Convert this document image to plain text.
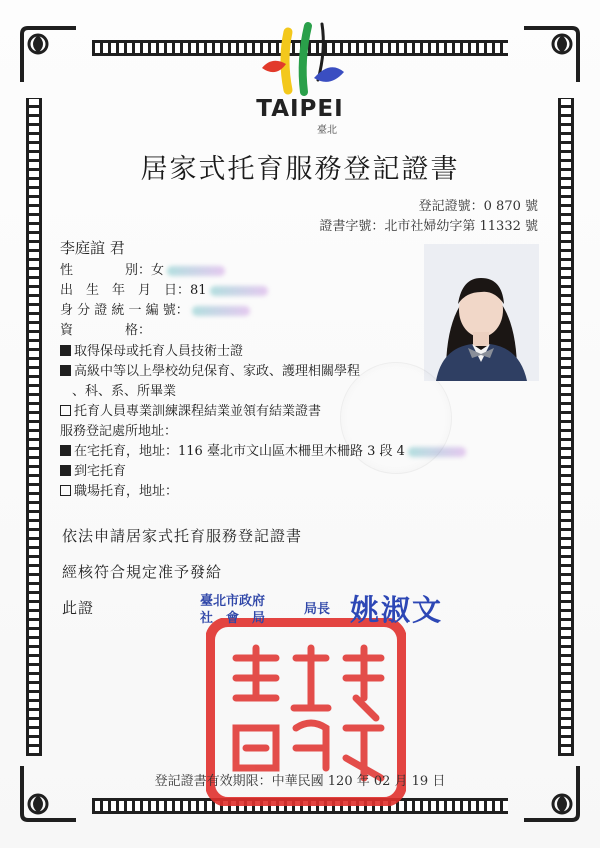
TAIPEI
臺北
居家式托育服務登記證書
登記證號：0 870 號
證書字號：北市社婦幼字第 11332 號
李庭誼 君
性　　　　別：女
出　生　年　月　日：81
身 分 證 統 一 編 號：
資　　　　格：
取得保母或托育人員技術士證
高級中等以上學校幼兒保育、家政、護理相關學程
、科、系、所畢業
托育人員專業訓練課程結業並領有結業證書
服務登記處所地址：
在宅托育，地址：116 臺北市文山區木柵里木柵路 3 段 4
到宅托育
職場托育，地址：
依法申請居家式托育服務登記證書
經核符合規定准予發給
此證	臺北市政府
社　會　局
局長 姚淑文
登記證書有效期限：中華民國 120 年 02 月 19 日
